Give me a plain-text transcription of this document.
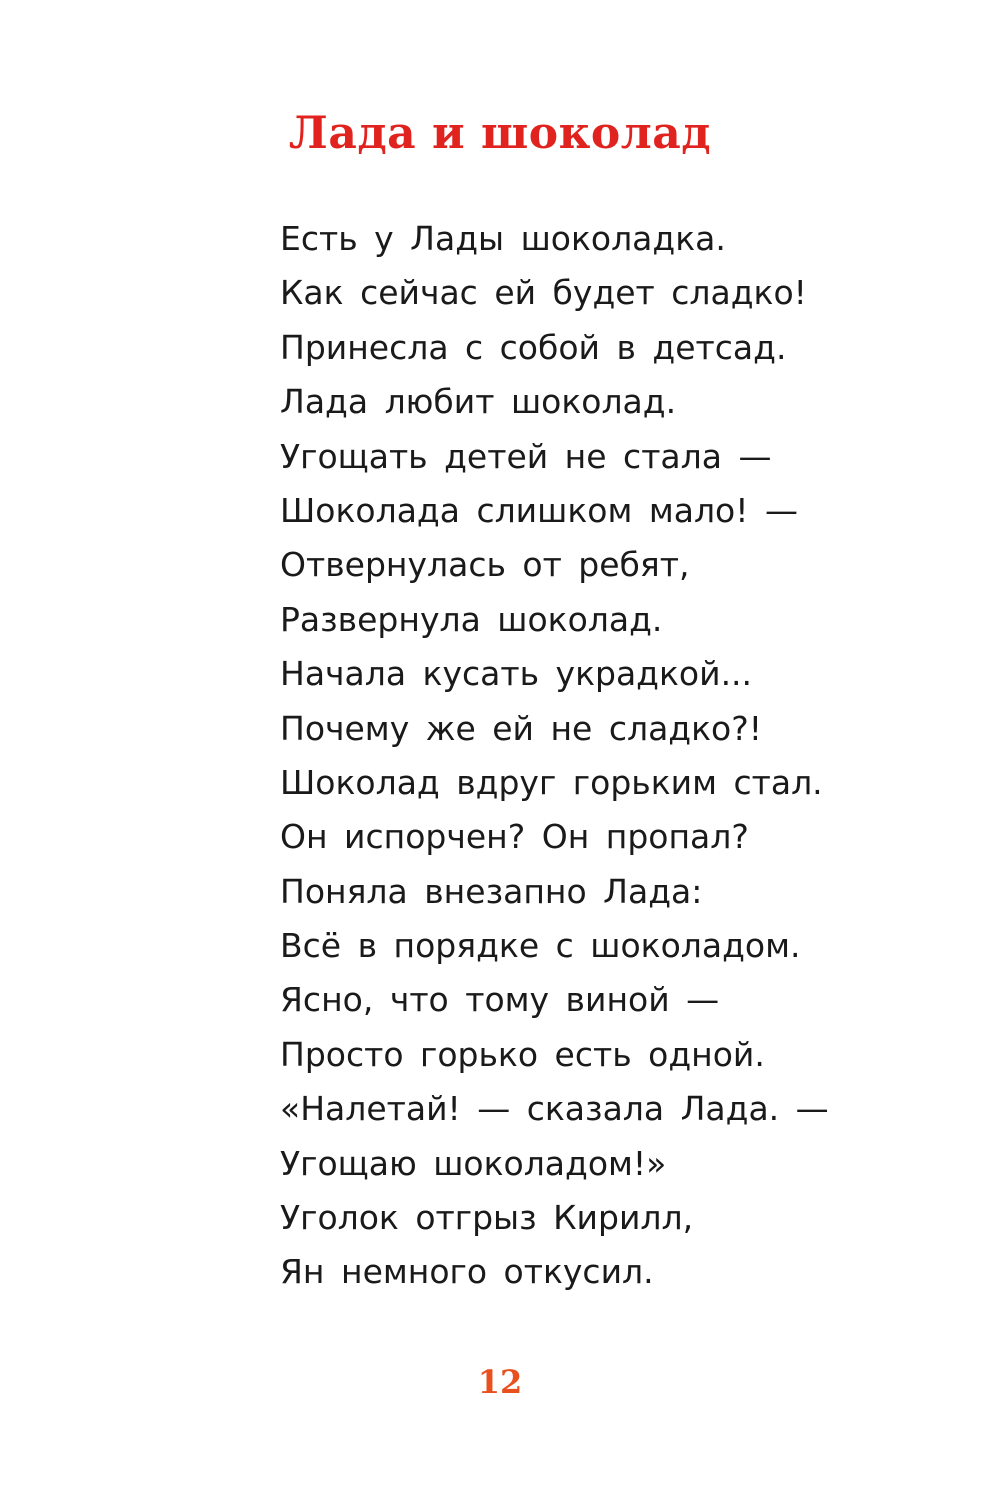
Лада и шоколад
Есть у Лады шоколадка.
Как сейчас ей будет сладко!
Принесла с собой в детсад.
Лада любит шоколад.
Угощать детей не стала —
Шоколада слишком мало! —
Отвернулась от ребят,
Развернула шоколад.
Начала кусать украдкой...
Почему же ей не сладко?!
Шоколад вдруг горьким стал.
Он испорчен? Он пропал?
Поняла внезапно Лада:
Всё в порядке с шоколадом.
Ясно, что тому виной —
Просто горько есть одной.
«Налетай! — сказала Лада. —
Угощаю шоколадом!»
Уголок отгрыз Кирилл,
Ян немного откусил.
12
